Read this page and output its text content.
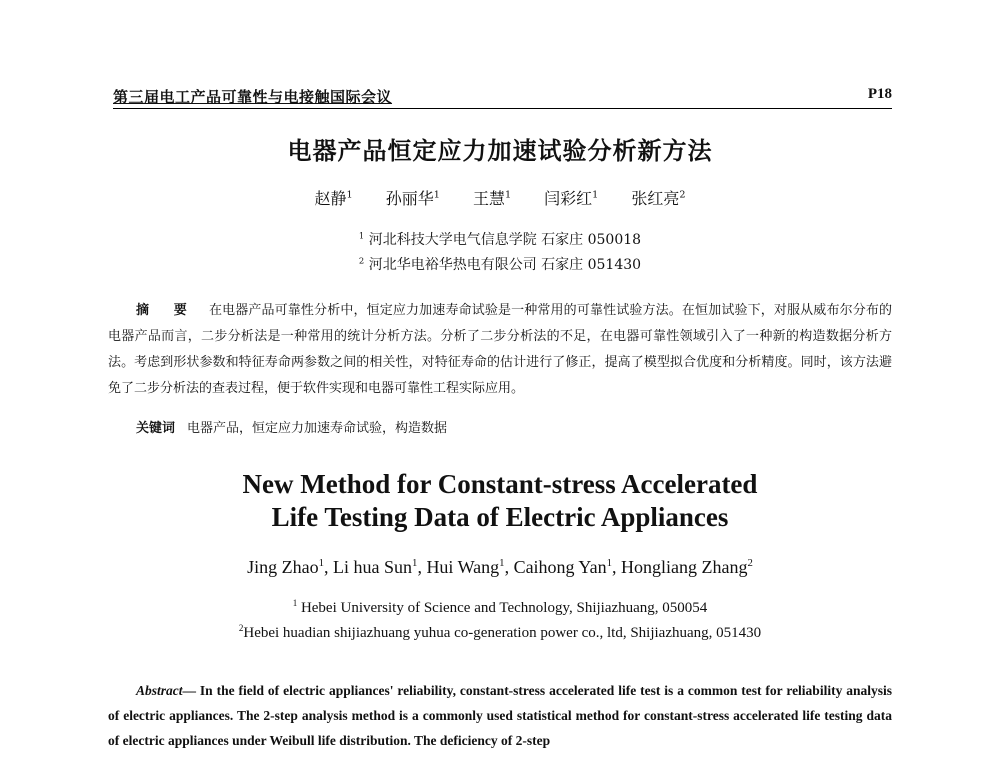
第三届电工产品可靠性与电接触国际会议	P18
电器产品恒定应力加速试验分析新方法
赵静$^1$ 孙丽华$^1$ 王慧$^1$ 闫彩红$^1$ 张红亮$^2$
$^1$ 河北科技大学电气信息学院 石家庄 050018
$^2$ 河北华电裕华热电有限公司 石家庄 051430
摘 要 在电器产品可靠性分析中，恒定应力加速寿命试验是一种常用的可靠性试验方法。在恒加试验下，对服从威布尔分布的电器产品而言，二步分析法是一种常用的统计分析方法。分析了二步分析法的不足，在电器可靠性领域引入了一种新的构造数据分析方法。考虑到形状参数和特征寿命两参数之间的相关性，对特征寿命的估计进行了修正，提高了模型拟合优度和分析精度。同时，该方法避免了二步分析法的查表过程，便于软件实现和电器可靠性工程实际应用。
关键词 电器产品，恒定应力加速寿命试验，构造数据
New Method for Constant-stress Accelerated
Life Testing Data of Electric Appliances
Jing Zhao$^1$, Li hua Sun$^1$, Hui Wang$^1$, Caihong Yan$^1$, Hongliang Zhang$^2$
$^1$ Hebei University of Science and Technology, Shijiazhuang, 050054
$^2$Hebei huadian shijiazhuang yuhua co-generation power co., ltd, Shijiazhuang, 051430
Abstract— In the field of electric appliances' reliability, constant-stress accelerated life test is a common test for reliability analysis of electric appliances. The 2-step analysis method is a commonly used statistical method for constant-stress accelerated life testing data of electric appliances under Weibull life distribution. The deficiency of 2-step
